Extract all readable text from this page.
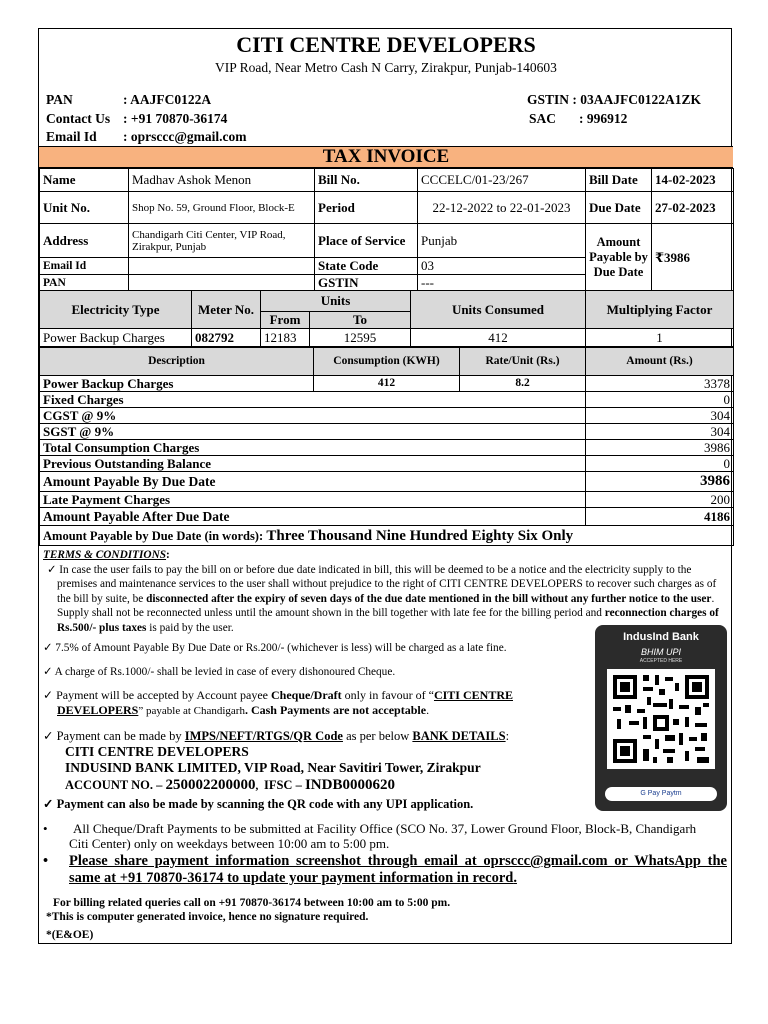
CITI CENTRE DEVELOPERS
VIP Road, Near Metro Cash N Carry, Zirakpur, Punjab-140603
PAN	: AAJFC0122A
Contact Us : +91 70870-36174
Email Id : oprsccc@gmail.com
GSTIN : 03AAJFC0122A1ZK
SAC : 996912
TAX INVOICE
Name	Madhav Ashok Menon	Bill No.	CCCELC/01-23/267	Bill Date	14-02-2023
Unit No.	Shop No. 59, Ground Floor, Block-E	Period	22-12-2022 to 22-01-2023	Due Date	27-02-2023
Address	Chandigarh Citi Center, VIP Road, Zirakpur, Punjab	Place of Service	Punjab	Amount Payable by Due Date	₹3986
Email Id		State Code	03		
PAN		GSTIN	---		
Electricity Type	Meter No.	Units		Units Consumed	Multiplying Factor
		From	To		
Power Backup Charges	082792	12183	12595	412	1
Description	Consumption (KWH)	Rate/Unit (Rs.)	Amount (Rs.)
Power Backup Charges	412	8.2	3378
Fixed Charges			0
CGST @ 9%			304
SGST @ 9%			304
Total Consumption Charges			3986
Previous Outstanding Balance			0
Amount Payable By Due Date			3986
Late Payment Charges			200
Amount Payable After Due Date			4186
Amount Payable by Due Date (in words): Three Thousand Nine Hundred Eighty Six Only			

TERMS & CONDITIONS:

✓ In case the user fails to pay the bill on or before due date indicated in bill, this will be deemed to be a notice and the electricity supply to the premises and maintenance services to the user shall without prejudice to the right of CITI CENTRE DEVELOPERS to recover such charges as of the bill by suite, be disconnected after the expiry of seven days of the due date mentioned in the bill without any further notice to the user. Supply shall not be reconnected unless until the amount shown in the bill together with late fee for the billing period and reconnection charges of Rs.500/- plus taxes is paid by the user.

✓ 7.5% of Amount Payable By Due Date or Rs.200/- (whichever is less) will be charged as a late fine.

✓ A charge of Rs.1000/- shall be levied in case of every dishonoured Cheque.

✓ Payment will be accepted by Account payee Cheque/Draft only in favour of “CITI CENTRE

DEVELOPERS” payable at Chandigarh. Cash Payments are not acceptable.

✓ Payment can be made by IMPS/NEFT/RTGS/QR Code as per below BANK DETAILS:

CITI CENTRE DEVELOPERS

INDUSIND BANK LIMITED, VIP Road, Near Savitiri Tower, Zirakpur

ACCOUNT NO. – 250002200000,  IFSC – INDB0000620

✓ Payment can also be made by scanning the QR code with any UPI application.

IndusInd Bank
BHIM UPI
ACCEPTED HERE
G Pay Paytm
•	All Cheque/Draft Payments to be submitted at Facility Office (SCO No. 37, Lower Ground Floor, Block-B, Chandigarh Citi Center) only on weekdays between 10:00 am to 5:00 pm.
•	Please share payment information screenshot through email at oprsccc@gmail.com or WhatsApp the same at +91 70870-36174 to update your payment information in record.
For billing related queries call on +91 70870-36174 between 10:00 am to 5:00 pm.
*This is computer generated invoice, hence no signature required.
*(E&OE)
